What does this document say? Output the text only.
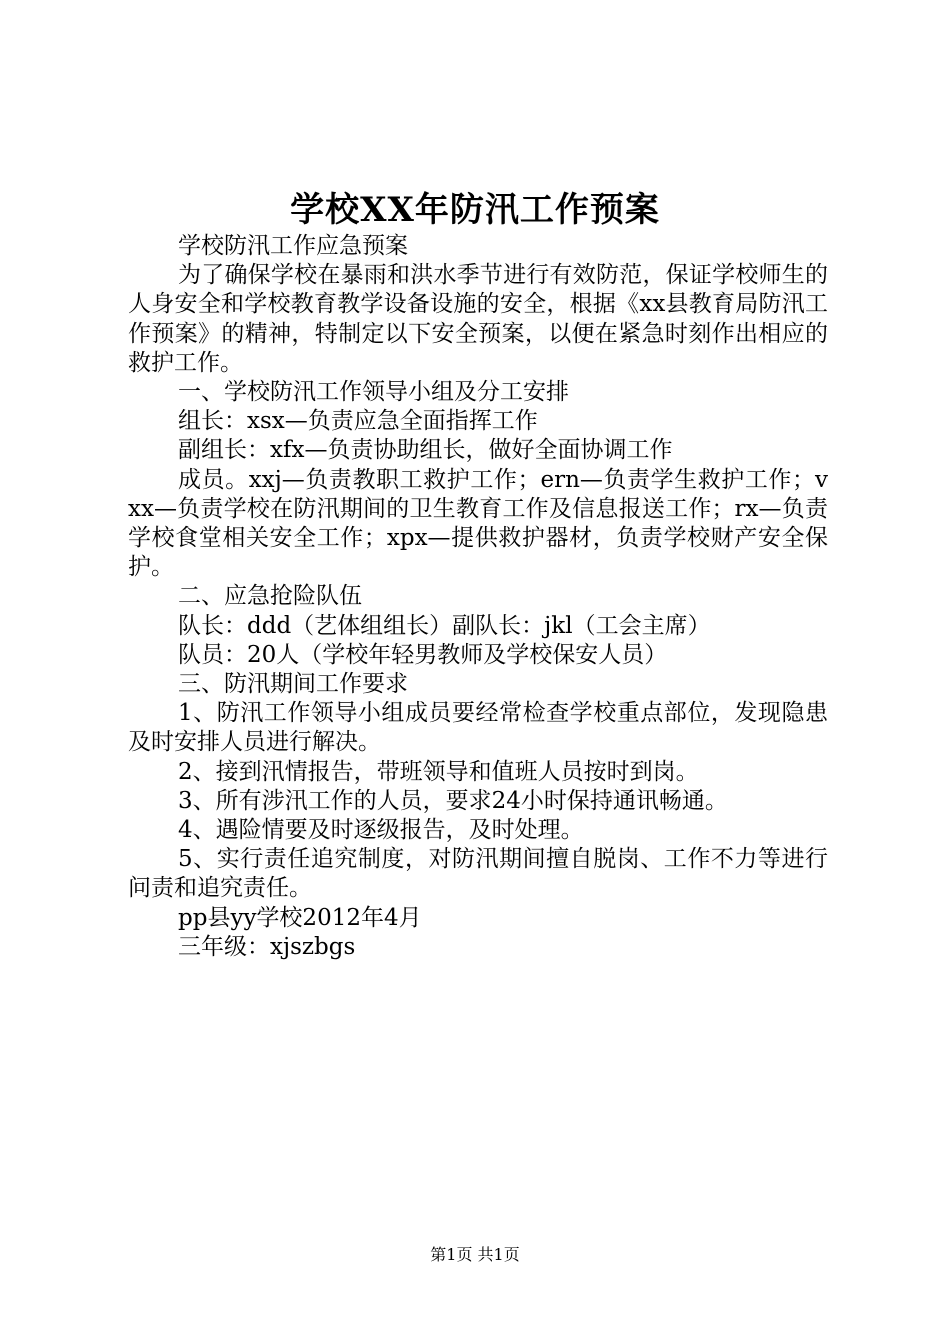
学校XX年防汛工作预案

学校防汛工作应急预案

为了确保学校在暴雨和洪水季节进行有效防范，保证学校师生的人身安全和学校教育教学设备设施的安全，根据《xx县教育局防汛工作预案》的精神，特制定以下安全预案，以便在紧急时刻作出相应的救护工作。

一、学校防汛工作领导小组及分工安排

组长：xsx—负责应急全面指挥工作

副组长：xfx—负责协助组长，做好全面协调工作

成员。xxj—负责教职工救护工作；ern—负责学生救护工作；vxx—负责学校在防汛期间的卫生教育工作及信息报送工作；rx—负责学校食堂相关安全工作；xpx—提供救护器材，负责学校财产安全保护。

二、应急抢险队伍

队长：ddd（艺体组组长）副队长：jkl（工会主席）

队员：20人（学校年轻男教师及学校保安人员）

三、防汛期间工作要求

1、防汛工作领导小组成员要经常检查学校重点部位，发现隐患及时安排人员进行解决。

2、接到汛情报告，带班领导和值班人员按时到岗。

3、所有涉汛工作的人员，要求24小时保持通讯畅通。

4、遇险情要及时逐级报告，及时处理。

5、实行责任追究制度，对防汛期间擅自脱岗、工作不力等进行问责和追究责任。

pp县yy学校2012年4月

三年级：xjszbgs

第1页 共1页
